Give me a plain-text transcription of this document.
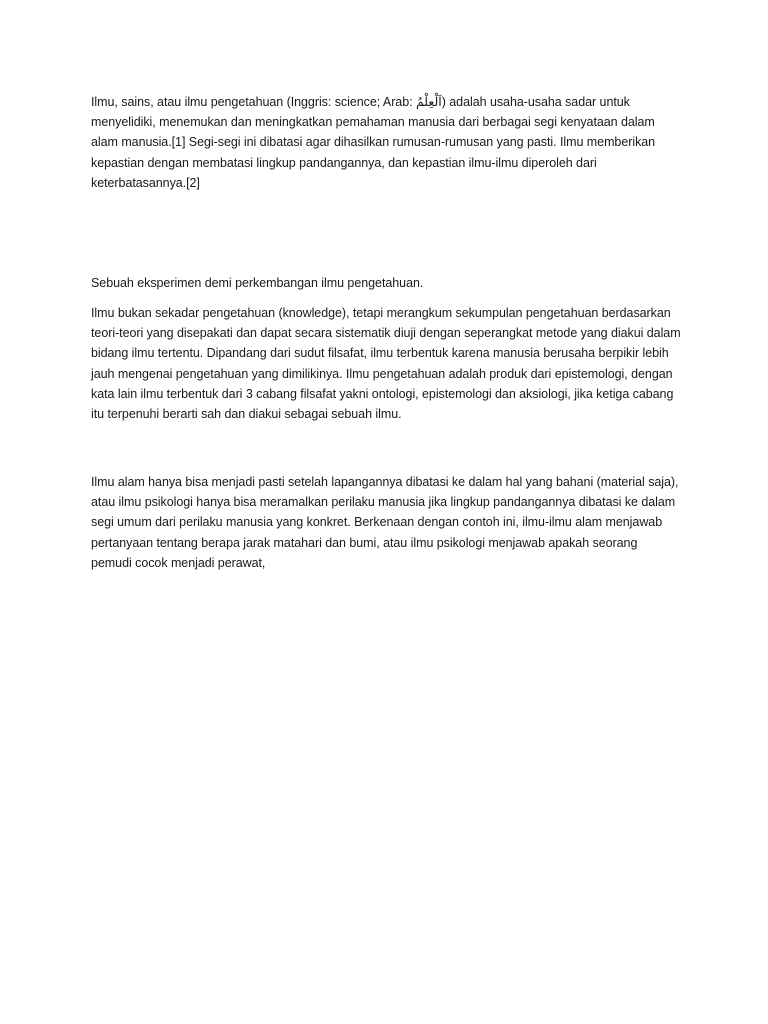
Ilmu, sains, atau ilmu pengetahuan (Inggris: science; Arab: اَلْعِلْمُ) adalah usaha-usaha sadar untuk menyelidiki, menemukan dan meningkatkan pemahaman manusia dari berbagai segi kenyataan dalam alam manusia.[1] Segi-segi ini dibatasi agar dihasilkan rumusan-rumusan yang pasti. Ilmu memberikan kepastian dengan membatasi lingkup pandangannya, dan kepastian ilmu-ilmu diperoleh dari keterbatasannya.[2]

Sebuah eksperimen demi perkembangan ilmu pengetahuan.

Ilmu bukan sekadar pengetahuan (knowledge), tetapi merangkum sekumpulan pengetahuan berdasarkan teori-teori yang disepakati dan dapat secara sistematik diuji dengan seperangkat metode yang diakui dalam bidang ilmu tertentu. Dipandang dari sudut filsafat, ilmu terbentuk karena manusia berusaha berpikir lebih jauh mengenai pengetahuan yang dimilikinya. Ilmu pengetahuan adalah produk dari epistemologi, dengan kata lain ilmu terbentuk dari 3 cabang filsafat yakni ontologi, epistemologi dan aksiologi, jika ketiga cabang itu terpenuhi berarti sah dan diakui sebagai sebuah ilmu.

Ilmu alam hanya bisa menjadi pasti setelah lapangannya dibatasi ke dalam hal yang bahani (material saja), atau ilmu psikologi hanya bisa meramalkan perilaku manusia jika lingkup pandangannya dibatasi ke dalam segi umum dari perilaku manusia yang konkret. Berkenaan dengan contoh ini, ilmu-ilmu alam menjawab pertanyaan tentang berapa jarak matahari dan bumi, atau ilmu psikologi menjawab apakah seorang pemudi cocok menjadi perawat,
